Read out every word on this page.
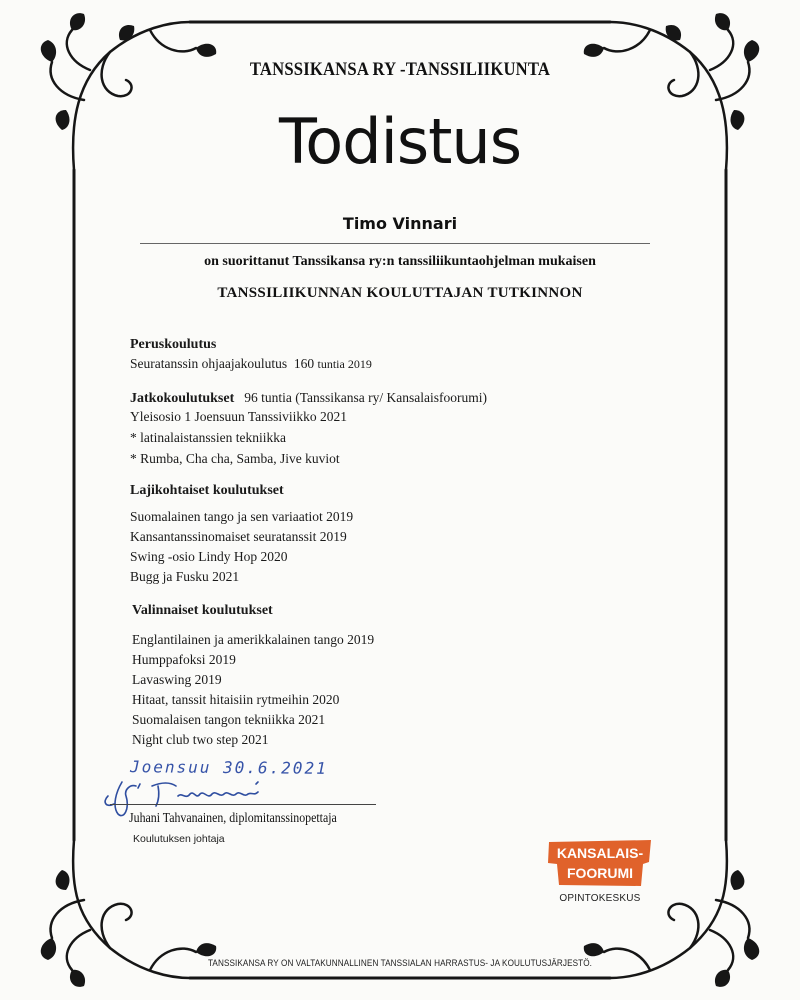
TANSSIKANSA RY -TANSSILIIKUNTA
Todistus
Timo Vinnari
on suorittanut Tanssikansa ry:n tanssiliikuntaohjelman mukaisen
TANSSILIIKUNNAN KOULUTTAJAN TUTKINNON
Peruskoulutus
Seuratanssin ohjaajakoulutus  160 tuntia 2019
Jatkokoulutukset 96 tuntia (Tanssikansa ry/ Kansalaisfoorumi)
Yleisosio 1 Joensuun Tanssiviikko 2021
* latinalaistanssien tekniikka
* Rumba, Cha cha, Samba, Jive kuviot
Lajikohtaiset koulutukset
Suomalainen tango ja sen variaatiot 2019
Kansantanssinomaiset seuratanssit 2019
Swing -osio Lindy Hop 2020
Bugg ja Fusku 2021
Valinnaiset koulutukset
Englantilainen ja amerikkalainen tango 2019
Humppafoksi 2019
Lavaswing 2019
Hitaat, tanssit hitaisiin rytmeihin 2020
Suomalaisen tangon tekniikka 2021
Night club two step 2021
Joensuu 30.6.2021
Juhani Tahvanainen, diplomitanssinopettaja
Koulutuksen johtaja
KANSALAIS-
FOORUMI
OPINTOKESKUS
TANSSIKANSA RY ON VALTAKUNNALLINEN TANSSIALAN HARRASTUS- JA KOULUTUSJÄRJESTÖ.
